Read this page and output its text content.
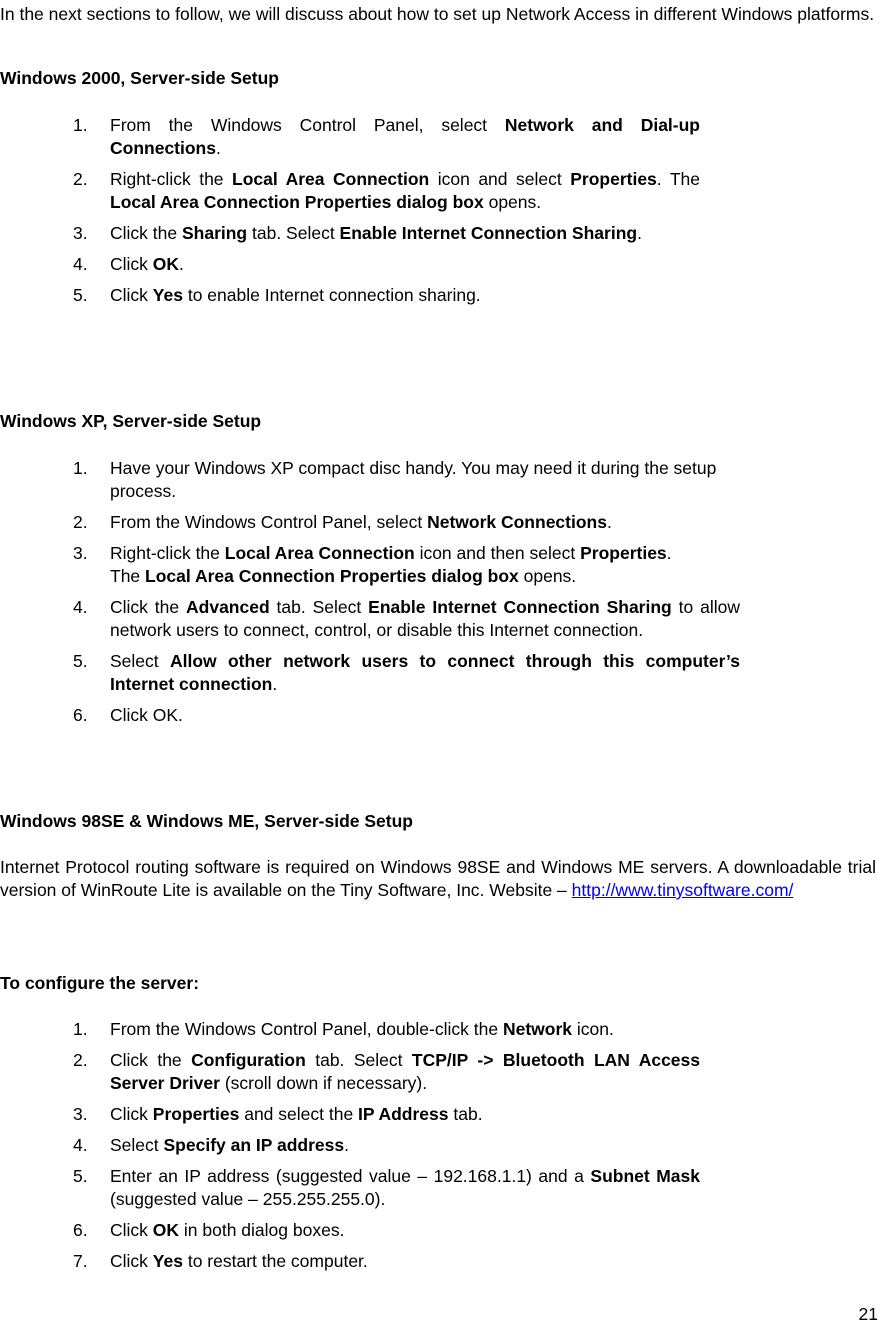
In the next sections to follow, we will discuss about how to set up Network Access in different Windows platforms.

Windows 2000, Server-side Setup

1. From the Windows Control Panel, select Network and Dial-up Connections.
2. Right-click the Local Area Connection icon and select Properties. The Local Area Connection Properties dialog box opens.
3. Click the Sharing tab. Select Enable Internet Connection Sharing.
4. Click OK.
5. Click Yes to enable Internet connection sharing.

Windows XP, Server-side Setup

1. Have your Windows XP compact disc handy. You may need it during the setup process.
2. From the Windows Control Panel, select Network Connections.
3. Right-click the Local Area Connection icon and then select Properties.
The Local Area Connection Properties dialog box opens.
4. Click the Advanced tab. Select Enable Internet Connection Sharing to allow network users to connect, control, or disable this Internet connection.
5. Select Allow other network users to connect through this computer’s Internet connection.
6. Click OK.

Windows 98SE & Windows ME, Server-side Setup

Internet Protocol routing software is required on Windows 98SE and Windows ME servers. A downloadable trial version of WinRoute Lite is available on the Tiny Software, Inc. Website – http://www.tinysoftware.com/

To configure the server:

1. From the Windows Control Panel, double-click the Network icon.
2. Click the Configuration tab. Select TCP/IP -> Bluetooth LAN Access Server Driver (scroll down if necessary).
3. Click Properties and select the IP Address tab.
4. Select Specify an IP address.
5. Enter an IP address (suggested value – 192.168.1.1) and a Subnet Mask (suggested value – 255.255.255.0).
6. Click OK in both dialog boxes.
7. Click Yes to restart the computer.

21
